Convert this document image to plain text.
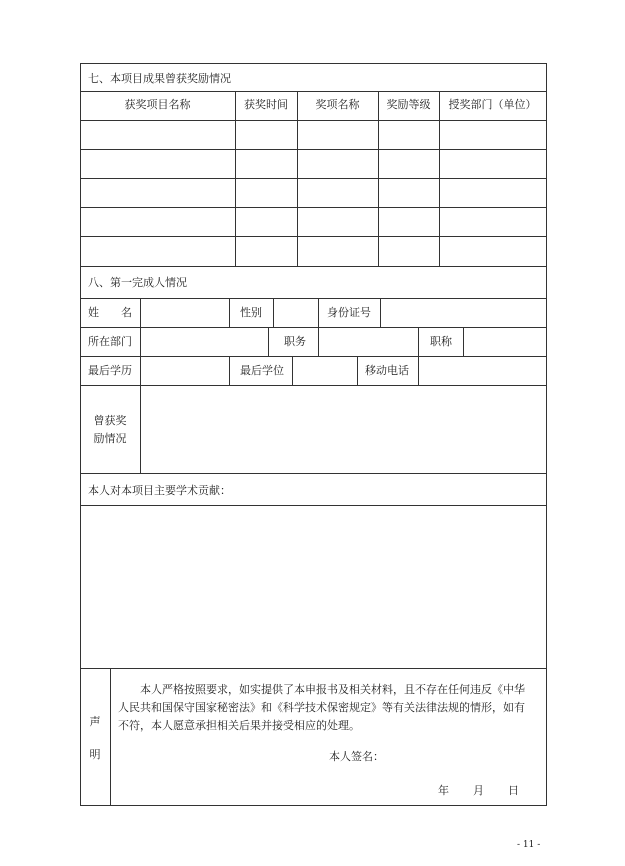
七、本项目成果曾获奖励情况
获奖项目名称	获奖时间	奖项名称	奖励等级	授奖部门（单位）
八、第一完成人情况
姓　　名	性别	身份证号
所在部门	职务	职称
最后学历	最后学位	移动电话
曾获奖
励情况
本人对本项目主要学术贡献：
声
明
本人严格按照要求，如实提供了本申报书及相关材料，且不存在任何违反《中华
人民共和国保守国家秘密法》和《科学技术保密规定》等有关法律法规的情形，如有
不符，本人愿意承担相关后果并接受相应的处理。
本人签名：
年 月 日
- 11 -
